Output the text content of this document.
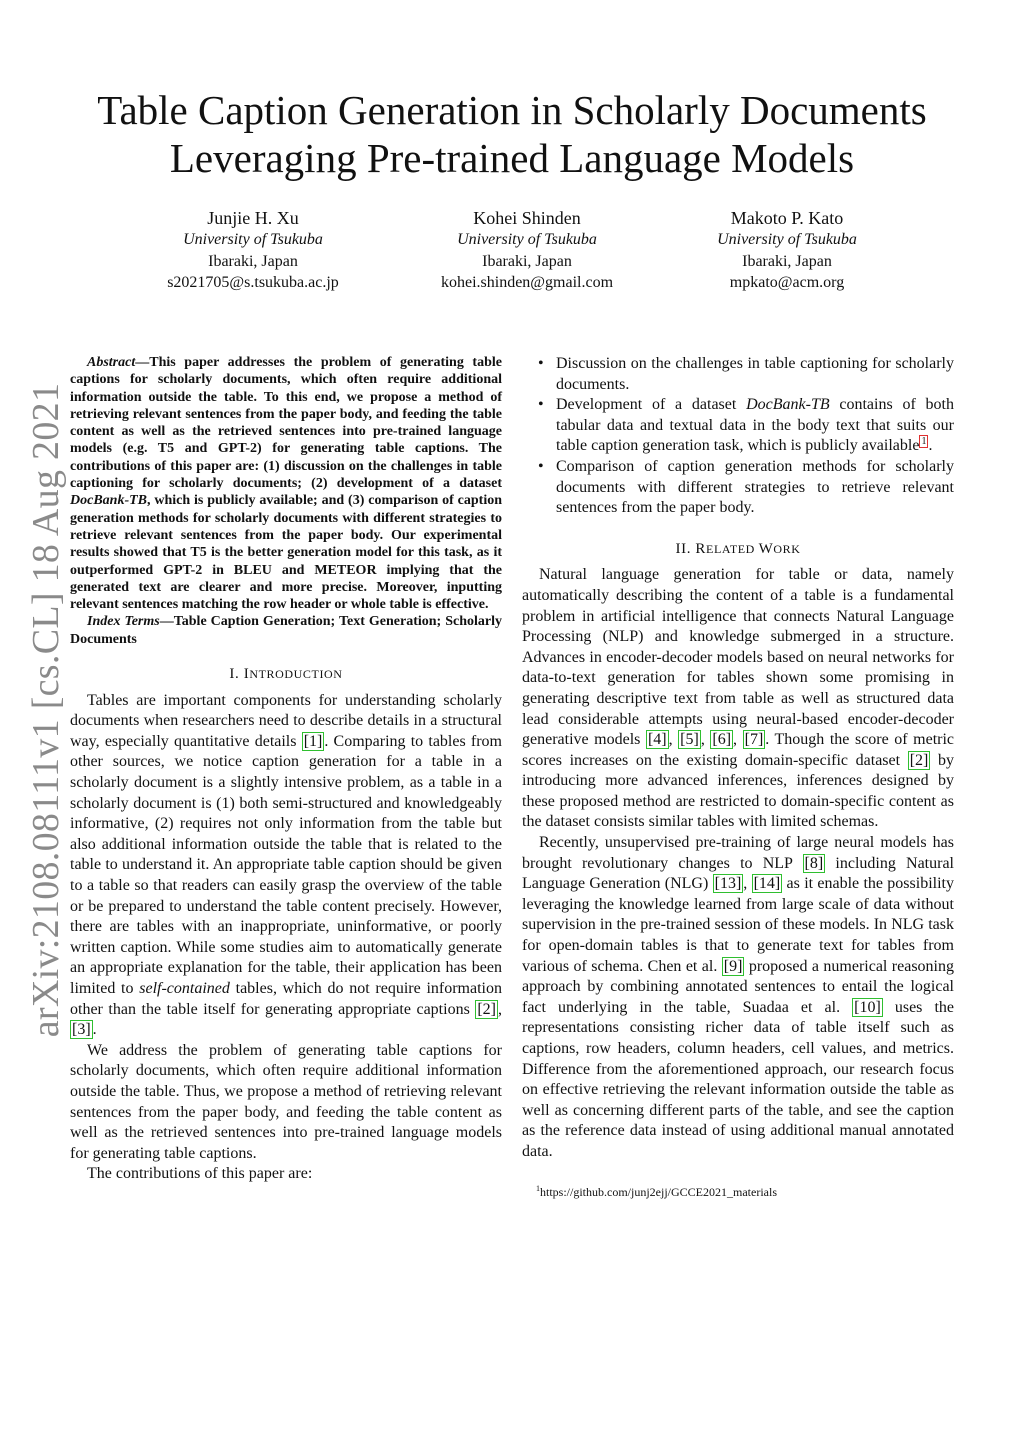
arXiv:2108.08111v1 [cs.CL] 18 Aug 2021
Table Caption Generation in Scholarly Documents
Leveraging Pre-trained Language Models
Junjie H. Xu
University of Tsukuba
Ibaraki, Japan
s2021705@s.tsukuba.ac.jp
Kohei Shinden
University of Tsukuba
Ibaraki, Japan
kohei.shinden@gmail.com
Makoto P. Kato
University of Tsukuba
Ibaraki, Japan
mpkato@acm.org

Abstract—This paper addresses the problem of generating table captions for scholarly documents, which often require additional information outside the table. To this end, we propose a method of retrieving relevant sentences from the paper body, and feeding the table content as well as the retrieved sentences into pre-trained language models (e.g. T5 and GPT-2) for generating table captions. The contributions of this paper are: (1) discussion on the challenges in table captioning for scholarly documents; (2) development of a dataset DocBank-TB, which is publicly available; and (3) comparison of caption generation methods for scholarly documents with different strategies to retrieve relevant sentences from the paper body. Our experimental results showed that T5 is the better generation model for this task, as it outperformed GPT-2 in BLEU and METEOR implying that the generated text are clearer and more precise. Moreover, inputting relevant sentences matching the row header or whole table is effective.

Index Terms—Table Caption Generation; Text Generation; Scholarly Documents

I. INTRODUCTION

Tables are important components for understanding scholarly documents when researchers need to describe details in a structural way, especially quantitative details [1] . Comparing to tables from other sources, we notice caption generation for a table in a scholarly document is a slightly intensive problem, as a table in a scholarly document is (1) both semi-structured and knowledgeably informative, (2) requires not only information from the table but also additional information outside the table that is related to the table to understand it. An appropriate table caption should be given to a table so that readers can easily grasp the overview of the table or be prepared to understand the table content precisely. However, there are tables with an inappropriate, uninformative, or poorly written caption. While some studies aim to automatically generate an appropriate explanation for the table, their application has been limited to self-contained tables, which do not require information other than the table itself for generating appropriate captions [2] , [3] .

We address the problem of generating table captions for scholarly documents, which often require additional information outside the table. Thus, we propose a method of retrieving relevant sentences from the paper body, and feeding the table content as well as the retrieved sentences into pre-trained language models for generating table captions.

The contributions of this paper are:

• Discussion on the challenges in table captioning for scholarly documents.
• Development of a dataset DocBank-TB contains of both tabular data and textual data in the body text that suits our table caption generation task, which is publicly available $^1$ .
• Comparison of caption generation methods for scholarly documents with different strategies to retrieve relevant sentences from the paper body.
II. RELATED WORK

Natural language generation for table or data, namely automatically describing the content of a table is a fundamental problem in artificial intelligence that connects Natural Language Processing (NLP) and knowledge submerged in a structure. Advances in encoder-decoder models based on neural networks for data-to-text generation for tables shown some promising in generating descriptive text from table as well as structured data lead considerable attempts using neural-based encoder-decoder generative models [4] , [5] , [6] , [7] . Though the score of metric scores increases on the existing domain-specific dataset [2] by introducing more advanced inferences, inferences designed by these proposed method are restricted to domain-specific content as the dataset consists similar tables with limited schemas.

Recently, unsupervised pre-training of large neural models has brought revolutionary changes to NLP [8] including Natural Language Generation (NLG) [13] , [14] as it enable the possibility leveraging the knowledge learned from large scale of data without supervision in the pre-trained session of these models. In NLG task for open-domain tables is that to generate text for tables from various of schema. Chen et al. [9] proposed a numerical reasoning approach by combining annotated sentences to entail the logical fact underlying in the table, Suadaa et al. [10] uses the representations consisting richer data of table itself such as captions, row headers, column headers, cell values, and metrics. Difference from the aforementioned approach, our research focus on effective retrieving the relevant information outside the table as well as concerning different parts of the table, and see the caption as the reference data instead of using additional manual annotated data.

$^1$https://github.com/junj2ejj/GCCE2021_materials
